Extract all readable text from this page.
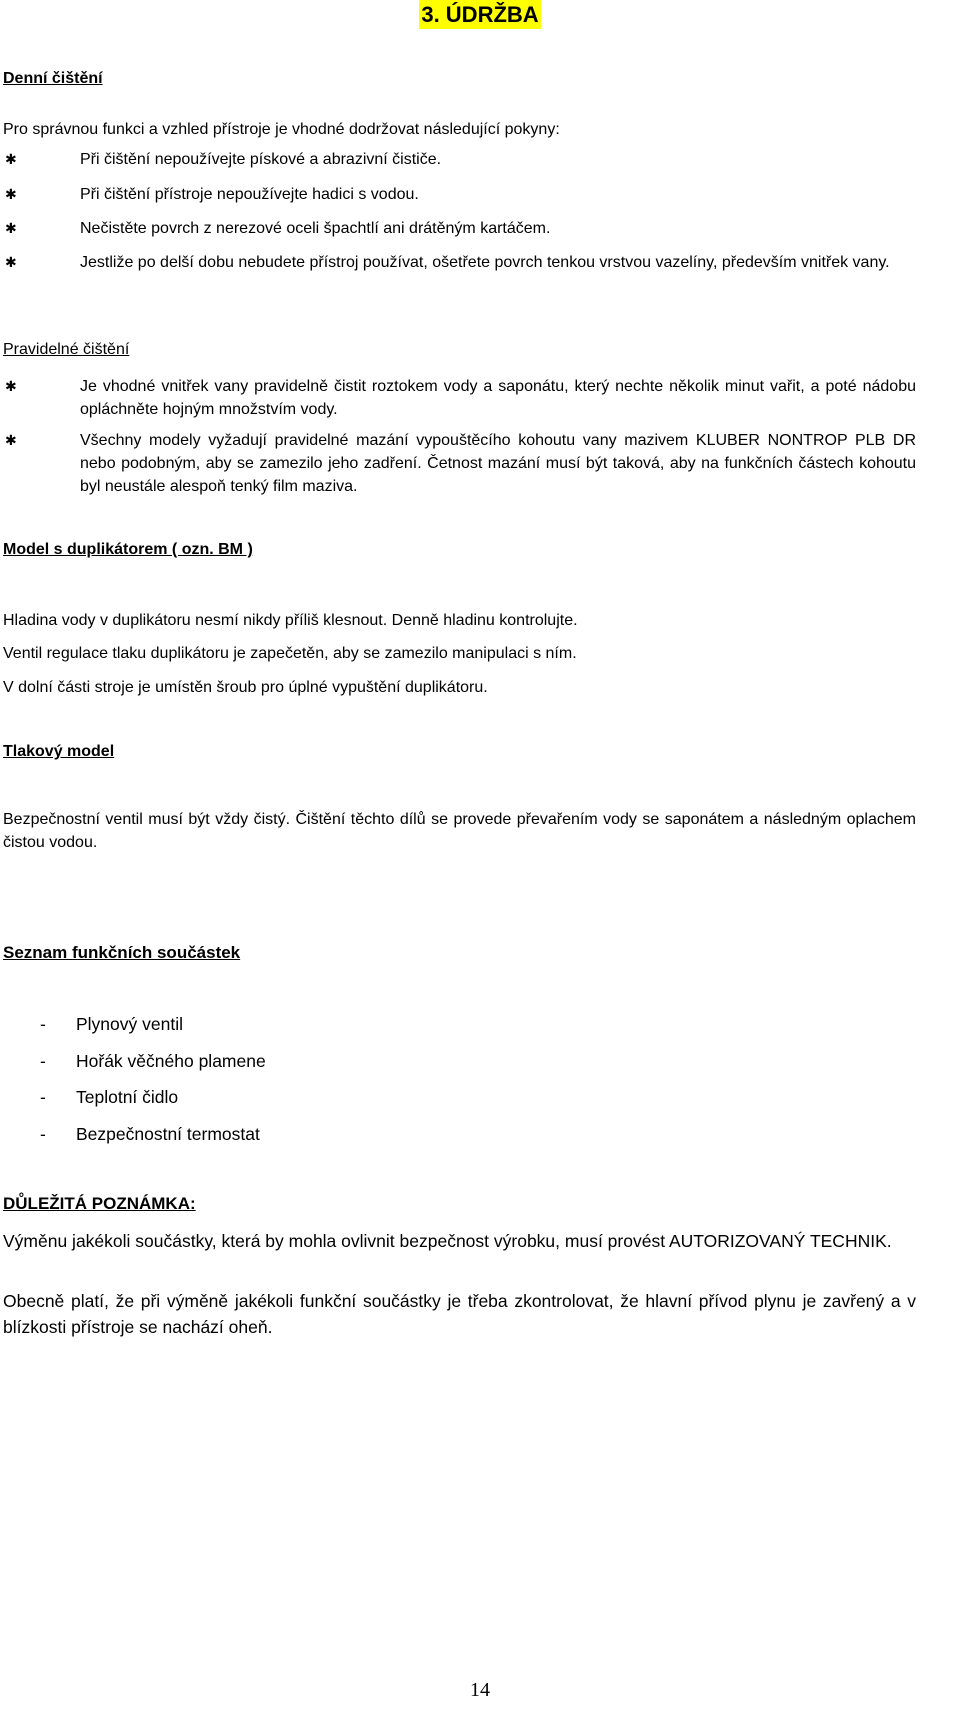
3. ÚDRŽBA
Denní čištění
Pro správnou funkci a vzhled přístroje je vhodné dodržovat následující pokyny:
✱	Při čištění nepoužívejte pískové a abrazivní čističe.
✱	Při čištění přístroje nepoužívejte hadici s vodou.
✱	Nečistěte povrch z nerezové oceli špachtlí ani drátěným kartáčem.
✱	Jestliže po delší dobu nebudete přístroj používat, ošetřete povrch tenkou vrstvou vazelíny, především vnitřek vany.
Pravidelné čištění
✱	Je vhodné vnitřek vany pravidelně čistit roztokem vody a saponátu, který nechte několik minut vařit, a poté nádobu opláchněte hojným množstvím vody.
✱	Všechny modely vyžadují pravidelné mazání vypouštěcího kohoutu vany mazivem KLUBER NONTROP PLB DR nebo podobným, aby se zamezilo jeho zadření. Četnost mazání musí být taková, aby na funkčních částech kohoutu byl neustále alespoň tenký film maziva.
Model s duplikátorem ( ozn. BM )
Hladina vody v duplikátoru nesmí nikdy příliš klesnout. Denně hladinu kontrolujte.
Ventil regulace tlaku duplikátoru je zapečetěn, aby se zamezilo manipulaci s ním.
V dolní části stroje je umístěn šroub pro úplné vypuštění duplikátoru.
Tlakový model
Bezpečnostní ventil musí být vždy čistý. Čištění těchto dílů se provede převařením vody se saponátem a následným oplachem čistou vodou.
Seznam funkčních součástek
-	Plynový ventil
-	Hořák věčného plamene
-	Teplotní čidlo
-	Bezpečnostní termostat
DŮLEŽITÁ POZNÁMKA:
Výměnu jakékoli součástky, která by mohla ovlivnit bezpečnost výrobku, musí provést AUTORIZOVANÝ TECHNIK.
Obecně platí, že při výměně jakékoli funkční součástky je třeba zkontrolovat, že hlavní přívod plynu je zavřený a v blízkosti přístroje se nachází oheň.
14
